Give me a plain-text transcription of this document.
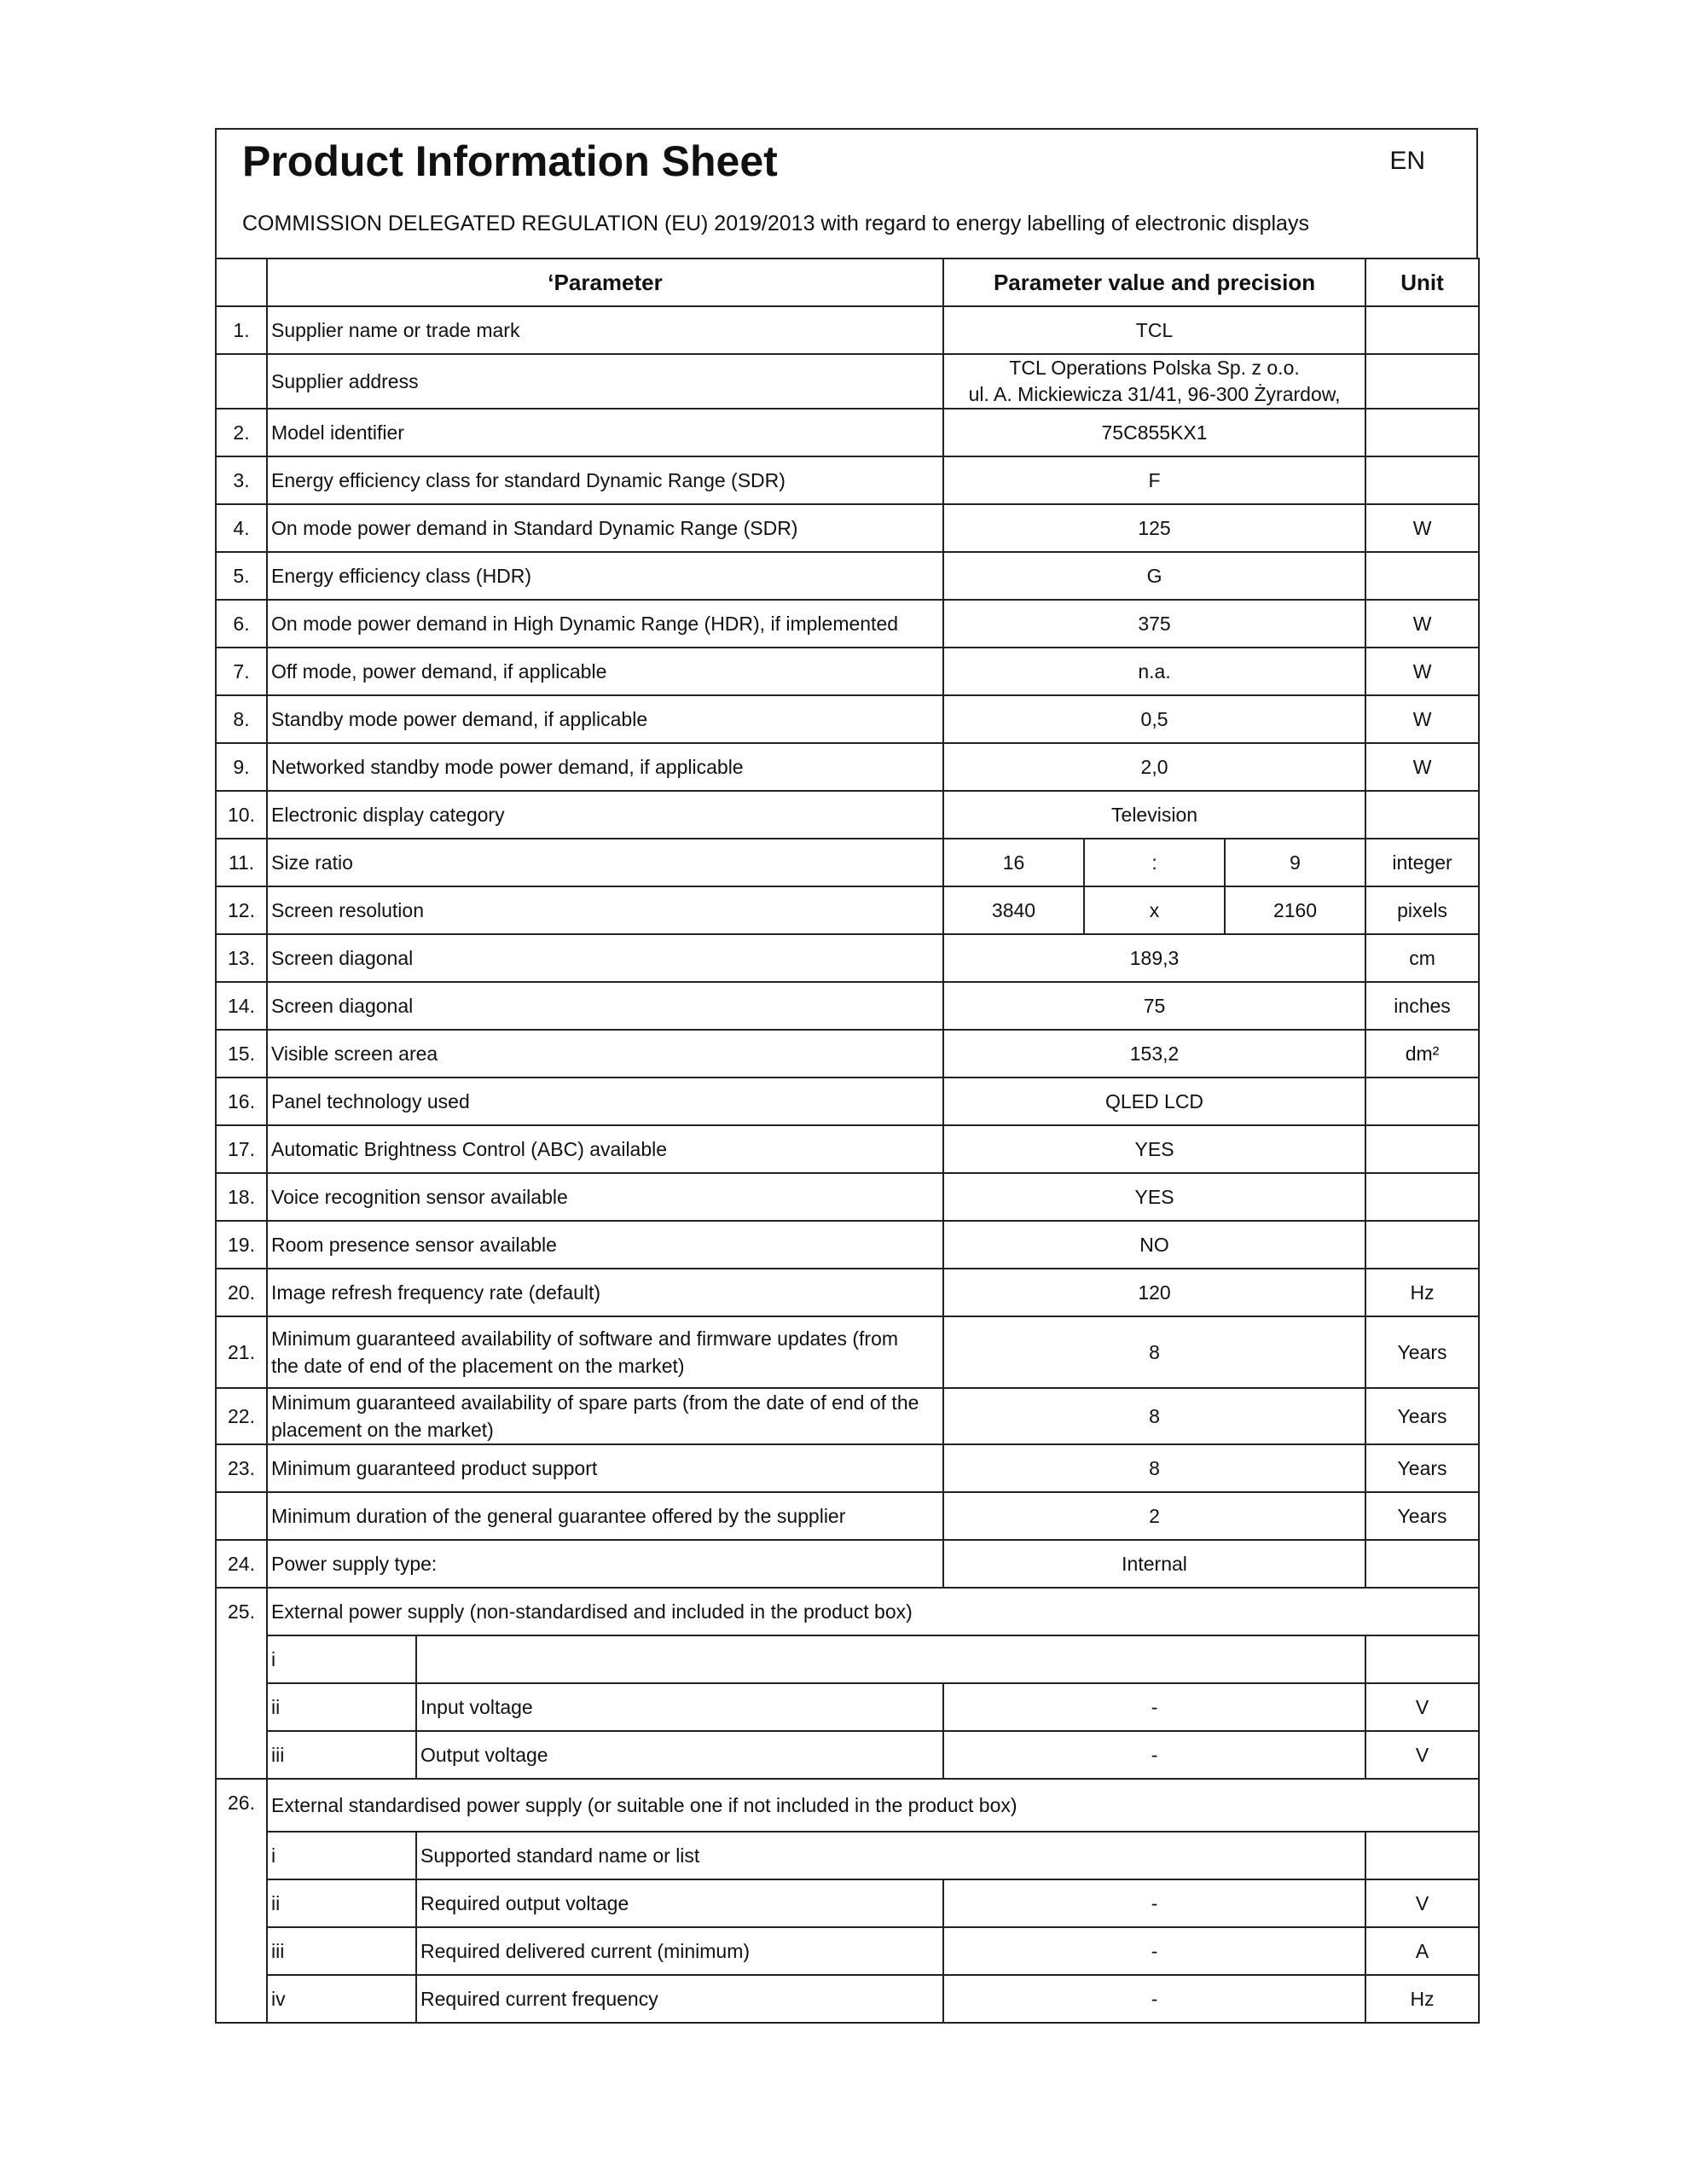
Product Information Sheet	EN
COMMISSION DELEGATED REGULATION (EU) 2019/2013 with regard to energy labelling of electronic displays
	‘Parameter		Parameter value and precision			Unit
1.	Supplier name or trade mark		TCL			
	Supplier address		TCL Operations Polska Sp. z o.o.
ul. A. Mickiewicza 31/41, 96-300 Żyrardow,			
2.	Model identifier		75C855KX1			
3.	Energy efficiency class for standard Dynamic Range (SDR)		F			
4.	On mode power demand in Standard Dynamic Range (SDR)		125			W
5.	Energy efficiency class (HDR)		G			
6.	On mode power demand in High Dynamic Range (HDR), if implemented		375			W
7.	Off mode, power demand, if applicable		n.a.			W
8.	Standby mode power demand, if applicable		0,5			W
9.	Networked standby mode power demand, if applicable		2,0			W
10.	Electronic display category		Television			
11.	Size ratio		16	:	9	integer
12.	Screen resolution		3840	x	2160	pixels
13.	Screen diagonal		189,3			cm
14.	Screen diagonal		75			inches
15.	Visible screen area		153,2			dm²
16.	Panel technology used		QLED LCD			
17.	Automatic Brightness Control (ABC) available		YES			
18.	Voice recognition sensor available		YES			
19.	Room presence sensor available		NO			
20.	Image refresh frequency rate (default)		120			Hz
21.	Minimum guaranteed availability of software and firmware updates (from
the date of end of the placement on the market)		8			Years
22.	Minimum guaranteed availability of spare parts (from the date of end of the
placement on the market)		8			Years
23.	Minimum guaranteed product support		8			Years
	Minimum duration of the general guarantee offered by the supplier		2			Years
24.	Power supply type:		Internal			
25.	External power supply (non-standardised and included in the product box)					
	i					
	ii	Input voltage	-			V
	iii	Output voltage	-			V
26.	External standardised power supply (or suitable one if not included in the product box)					
	i	Supported standard name or list				
	ii	Required output voltage	-			V
	iii	Required delivered current (minimum)	-			A
	iv	Required current frequency	-			Hz
